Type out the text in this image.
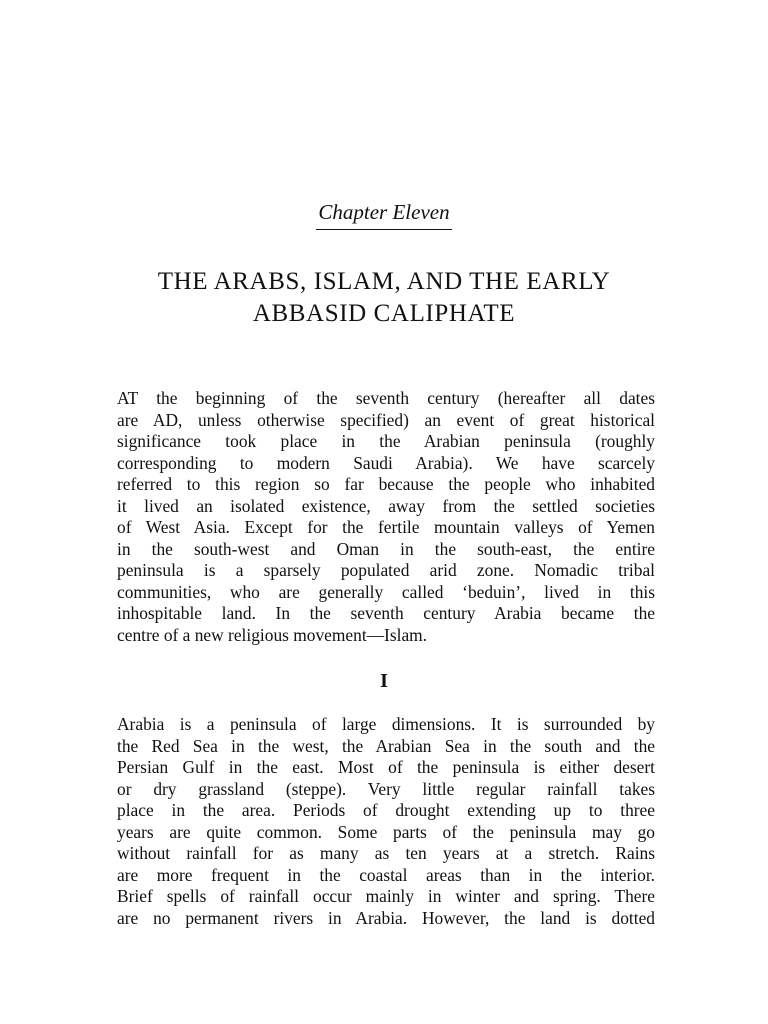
Chapter Eleven
THE ARABS, ISLAM, AND THE EARLY
ABBASID CALIPHATE
AT the beginning of the seventh century (hereafter all dates
are AD, unless otherwise specified) an event of great historical
significance took place in the Arabian peninsula (roughly
corresponding to modern Saudi Arabia). We have scarcely
referred to this region so far because the people who inhabited
it lived an isolated existence, away from the settled societies
of West Asia. Except for the fertile mountain valleys of Yemen
in the south-west and Oman in the south-east, the entire
peninsula is a sparsely populated arid zone. Nomadic tribal
communities, who are generally called ‘beduin’, lived in this
inhospitable land. In the seventh century Arabia became the
centre of a new religious movement—Islam.
I
Arabia is a peninsula of large dimensions. It is surrounded by
the Red Sea in the west, the Arabian Sea in the south and the
Persian Gulf in the east. Most of the peninsula is either desert
or dry grassland (steppe). Very little regular rainfall takes
place in the area. Periods of drought extending up to three
years are quite common. Some parts of the peninsula may go
without rainfall for as many as ten years at a stretch. Rains
are more frequent in the coastal areas than in the interior.
Brief spells of rainfall occur mainly in winter and spring. There
are no permanent rivers in Arabia. However, the land is dotted
